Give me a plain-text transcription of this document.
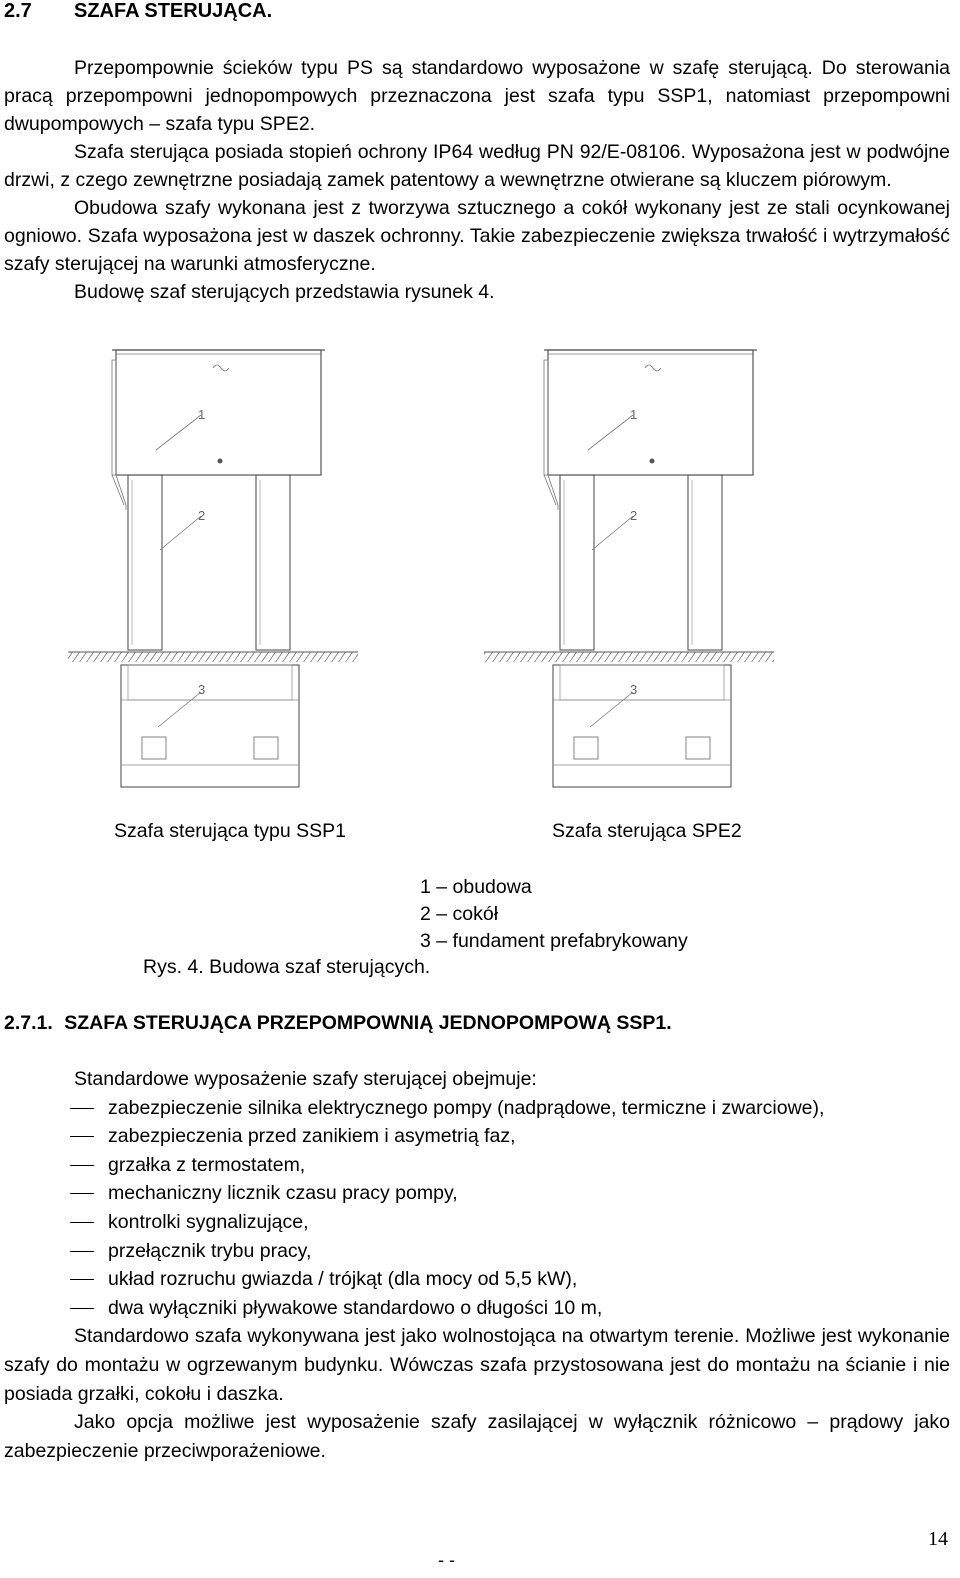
2.7 SZAFA STERUJĄCA.

Przepompownie ścieków typu PS są standardowo wyposażone w szafę sterującą. Do sterowania pracą przepompowni jednopompowych przeznaczona jest szafa typu SSP1, natomiast przepompowni dwupompowych – szafa typu SPE2.

Szafa sterująca posiada stopień ochrony IP64 według PN 92/E-08106. Wyposażona jest w podwójne drzwi, z czego zewnętrzne posiadają zamek patentowy a wewnętrzne otwierane są kluczem piórowym.

Obudowa szafy wykonana jest z tworzywa sztucznego a cokół wykonany jest ze stali ocynkowanej ogniowo. Szafa wyposażona jest w daszek ochronny. Takie zabezpieczenie zwiększa trwałość i wytrzymałość szafy sterującej na warunki atmosferyczne.

Budowę szaf sterujących przedstawia rysunek 4.

1
2
3
1
2
3
Szafa sterująca typu SSP1	Szafa sterująca SPE2
1 – obudowa
2 – cokół
3 – fundament prefabrykowany
Rys. 4. Budowa szaf sterujących.
2.7.1. SZAFA STERUJĄCA PRZEPOMPOWNIĄ JEDNOPOMPOWĄ SSP1.
Standardowe wyposażenie szafy sterującej obejmuje:
zabezpieczenie silnika elektrycznego pompy (nadprądowe, termiczne i zwarciowe),
zabezpieczenia przed zanikiem i asymetrią faz,
grzałka z termostatem,
mechaniczny licznik czasu pracy pompy,
kontrolki sygnalizujące,
przełącznik trybu pracy,
układ rozruchu gwiazda / trójkąt (dla mocy od 5,5 kW),
dwa wyłączniki pływakowe standardowo o długości 10 m,

Standardowo szafa wykonywana jest jako wolnostojąca na otwartym terenie. Możliwe jest wykonanie szafy do montażu w ogrzewanym budynku. Wówczas szafa przystosowana jest do montażu na ścianie i nie posiada grzałki, cokołu i daszka.

Jako opcja możliwe jest wyposażenie szafy zasilającej w wyłącznik różnicowo – prądowy jako zabezpieczenie przeciwporażeniowe.

14
- -
